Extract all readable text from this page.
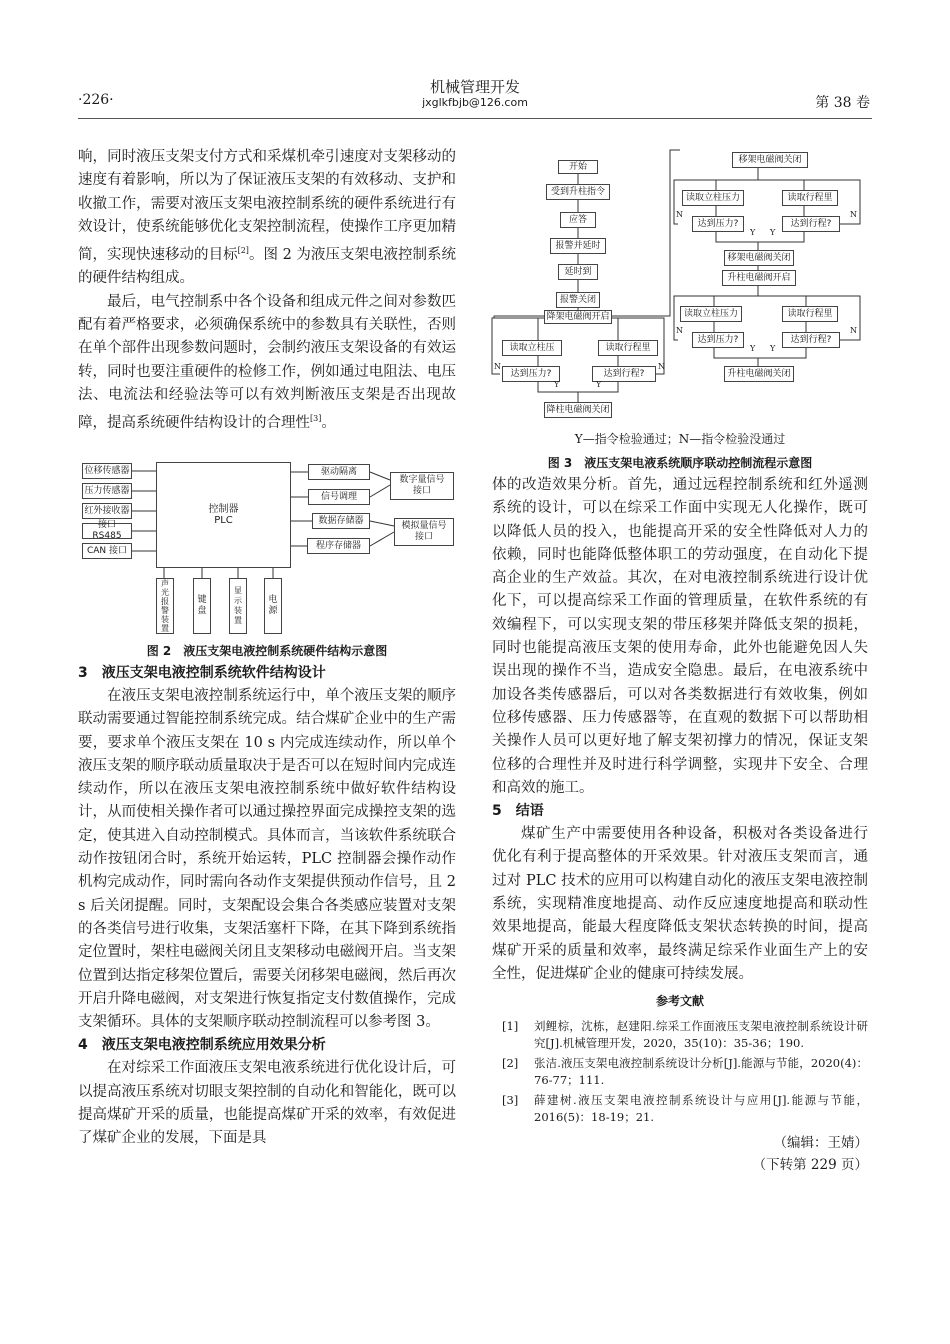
·226·
机械管理开发
jxglkfbjb@126.com	第 38 卷

响，同时液压支架支付方式和采煤机牵引速度对支架移动的速度有着影响，所以为了保证液压支架的有效移动、支护和收撤工作，需要对液压支架电液控制系统的硬件系统进行有效设计，使系统能够优化支架控制流程，使操作工序更加精简，实现快速移动的目标[2]。图 2 为液压支架电液控制系统的硬件结构组成。

最后，电气控制系中各个设备和组成元件之间对参数匹配有着严格要求，必须确保系统中的参数具有关联性，否则在单个部件出现参数问题时，会制约液压支架设备的有效运转，同时也要注重硬件的检修工作，例如通过电阻法、电压法、电流法和经验法等可以有效判断液压支架是否出现故障，提高系统硬件结构设计的合理性[3]。

位移传感器
压力传感器
红外接收器
接口 RS485
CAN 接口
控制器
PLC
驱动隔离
信号调理
数据存储器
程序存储器
数字量信号
接口
模拟量信号
接口
声
光
报
警
装
置
键
盘
显
示
装
置
电
源
图 2　液压支架电液控制系统硬件结构示意图
3　液压支架电液控制系统软件结构设计

在液压支架电液控制系统运行中，单个液压支架的顺序联动需要通过智能控制系统完成。结合煤矿企业中的生产需要，要求单个液压支架在 10 s 内完成连续动作，所以单个液压支架的顺序联动质量取决于是否可以在短时间内完成连续动作，所以在液压支架电液控制系统中做好软件结构设计，从而使相关操作者可以通过操控界面完成操控支架的选定，使其进入自动控制模式。具体而言，当该软件系统联合动作按钮闭合时，系统开始运转，PLC 控制器会操作动作机构完成动作，同时需向各动作支架提供预动作信号，且 2 s 后关闭提醒。同时，支架配设会集合各类感应装置对支架的各类信号进行收集，支架活塞杆下降，在其下降到系统指定位置时，架柱电磁阀关闭且支架移动电磁阀开启。当支架位置到达指定移架位置后，需要关闭移架电磁阀，然后再次开启升降电磁阀，对支架进行恢复指定支付数值操作，完成支架循环。具体的支架顺序联动控制流程可以参考图 3。

4　液压支架电液控制系统应用效果分析

在对综采工作面液压支架电液系统进行优化设计后，可以提高液压系统对切眼支架控制的自动化和智能化，既可以提高煤矿开采的质量，也能提高煤矿开采的效率，有效促进了煤矿企业的发展，下面是具

开始
受到升柱指令
应答
报警并延时
延时到
报警关闭
降架电磁阀开启
读取立柱压	读取行程里
达到压力?	达到行程?
降柱电磁阀关闭
移架电磁阀关闭
读取立柱压力	读取行程里
达到压力?	达到行程?
移架电磁阀关闭
升柱电磁阀开启
读取立柱压力	读取行程里
达到压力?	达到行程?
升柱电磁阀关闭
N
Y	Y
N
N
Y Y
N
N
Y Y
N
Y—指令检验通过；N—指令检验没通过
图 3　液压支架电液系统顺序联动控制流程示意图

体的改造效果分析。首先，通过远程控制系统和红外遥测系统的设计，可以在综采工作面中实现无人化操作，既可以降低人员的投入，也能提高开采的安全性降低对人力的依赖，同时也能降低整体职工的劳动强度，在自动化下提高企业的生产效益。其次，在对电液控制系统进行设计优化下，可以提高综采工作面的管理质量，在软件系统的有效编程下，可以实现支架的带压移架并降低支架的损耗，同时也能提高液压支架的使用寿命，此外也能避免因人失误出现的操作不当，造成安全隐患。最后，在电液系统中加设各类传感器后，可以对各类数据进行有效收集，例如位移传感器、压力传感器等，在直观的数据下可以帮助相关操作人员可以更好地了解支架初撑力的情况，保证支架位移的合理性并及时进行科学调整，实现井下安全、合理和高效的施工。

5　结语

煤矿生产中需要使用各种设备，积极对各类设备进行优化有利于提高整体的开采效果。针对液压支架而言，通过对 PLC 技术的应用可以构建自动化的液压支架电液控制系统，实现精准度地提高、动作反应速度地提高和联动性效果地提高，能最大程度降低支架状态转换的时间，提高煤矿开采的质量和效率，最终满足综采作业面生产上的安全性，促进煤矿企业的健康可持续发展。

参考文献
[1] 刘鲤棕，沈栋，赵建阳.综采工作面液压支架电液控制系统设计研究[J].机械管理开发，2020，35(10)：35-36；190.
[2] 张洁.液压支架电液控制系统设计分析[J].能源与节能，2020(4)：76-77；111.
[3] 薛建树.液压支架电液控制系统设计与应用[J].能源与节能，2016(5)：18-19；21.
（编辑：王婧）
（下转第 229 页）
